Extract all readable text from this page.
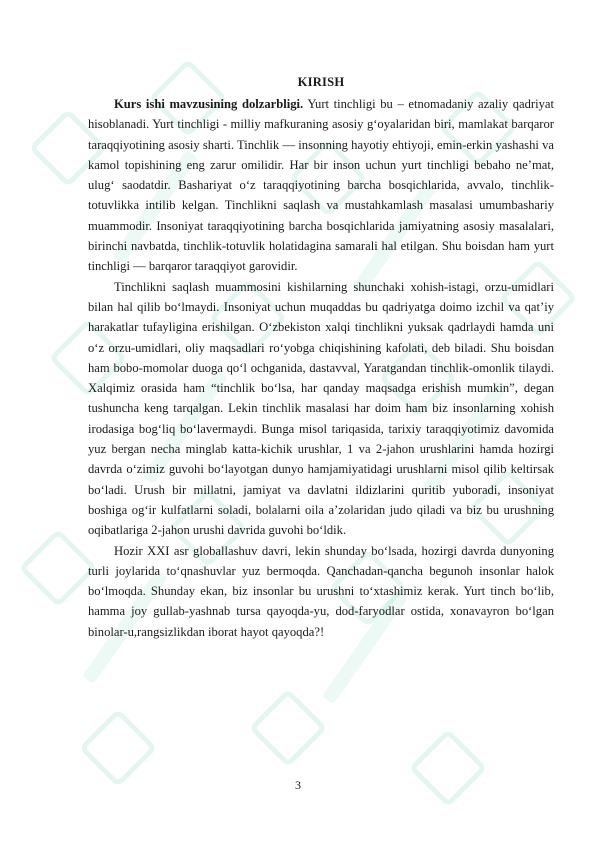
KIRISH

Kurs ishi mavzusining dolzarbligi. Yurt tinchligi bu – etnomadaniy azaliy qadriyat hisoblanadi. Yurt tinchligi - milliy mafkuraning asosiy g‘oyalaridan biri, mamlakat barqaror taraqqiyotining asosiy sharti. Tinchlik — insonning hayotiy ehtiyoji, emin-erkin yashashi va kamol topishining eng zarur omilidir. Har bir inson uchun yurt tinchligi bebaho ne’mat, ulug‘ saodatdir. Bashariyat o‘z taraqqiyotining barcha bosqichlarida, avvalo, tinchlik-totuvlikka intilib kelgan. Tinchlikni saqlash va mustahkamlash masalasi umumbashariy muammodir. Insoniyat taraqqiyotining barcha bosqichlarida jamiyatning asosiy masalalari, birinchi navbatda, tinchlik-totuvlik holatidagina samarali hal etilgan. Shu boisdan ham yurt tinchligi — barqaror taraqqiyot garovidir.

Tinchlikni saqlash muammosini kishilarning shunchaki xohish-istagi, orzu-umidlari bilan hal qilib bo‘lmaydi. Insoniyat uchun muqaddas bu qadriyatga doimo izchil va qat’iy harakatlar tufayligina erishilgan. O‘zbekiston xalqi tinchlikni yuksak qadrlaydi hamda uni o‘z orzu-umidlari, oliy maqsadlari ro‘yobga chiqishining kafolati, deb biladi. Shu boisdan ham bobo-momolar duoga qo‘l ochganida, dastavval, Yaratgandan tinchlik-omonlik tilaydi. Xalqimiz orasida ham “tinchlik bo‘lsa, har qanday maqsadga erishish mumkin”, degan tushuncha keng tarqalgan. Lekin tinchlik masalasi har doim ham biz insonlarning xohish irodasiga bog‘liq bo‘lavermaydi. Bunga misol tariqasida, tarixiy taraqqiyotimiz davomida yuz bergan necha minglab katta-kichik urushlar, 1 va 2-jahon urushlarini hamda hozirgi davrda o‘zimiz guvohi bo‘layotgan dunyo hamjamiyatidagi urushlarni misol qilib keltirsak bo‘ladi. Urush bir millatni, jamiyat va davlatni ildizlarini quritib yuboradi, insoniyat boshiga og‘ir kulfatlarni soladi, bolalarni oila a’zolaridan judo qiladi va biz bu urushning oqibatlariga 2-jahon urushi davrida guvohi bo‘ldik.

Hozir XXI asr globallashuv davri, lekin shunday bo‘lsada, hozirgi davrda dunyoning turli joylarida to‘qnashuvlar yuz bermoqda. Qanchadan-qancha begunoh insonlar halok bo‘lmoqda. Shunday ekan, biz insonlar bu urushni to‘xtashimiz kerak. Yurt tinch bo‘lib, hamma joy gullab-yashnab tursa qayoqda-yu, dod-faryodlar ostida, xonavayron bo‘lgan binolar-u,rangsizlikdan iborat hayot qayoqda?!

3
